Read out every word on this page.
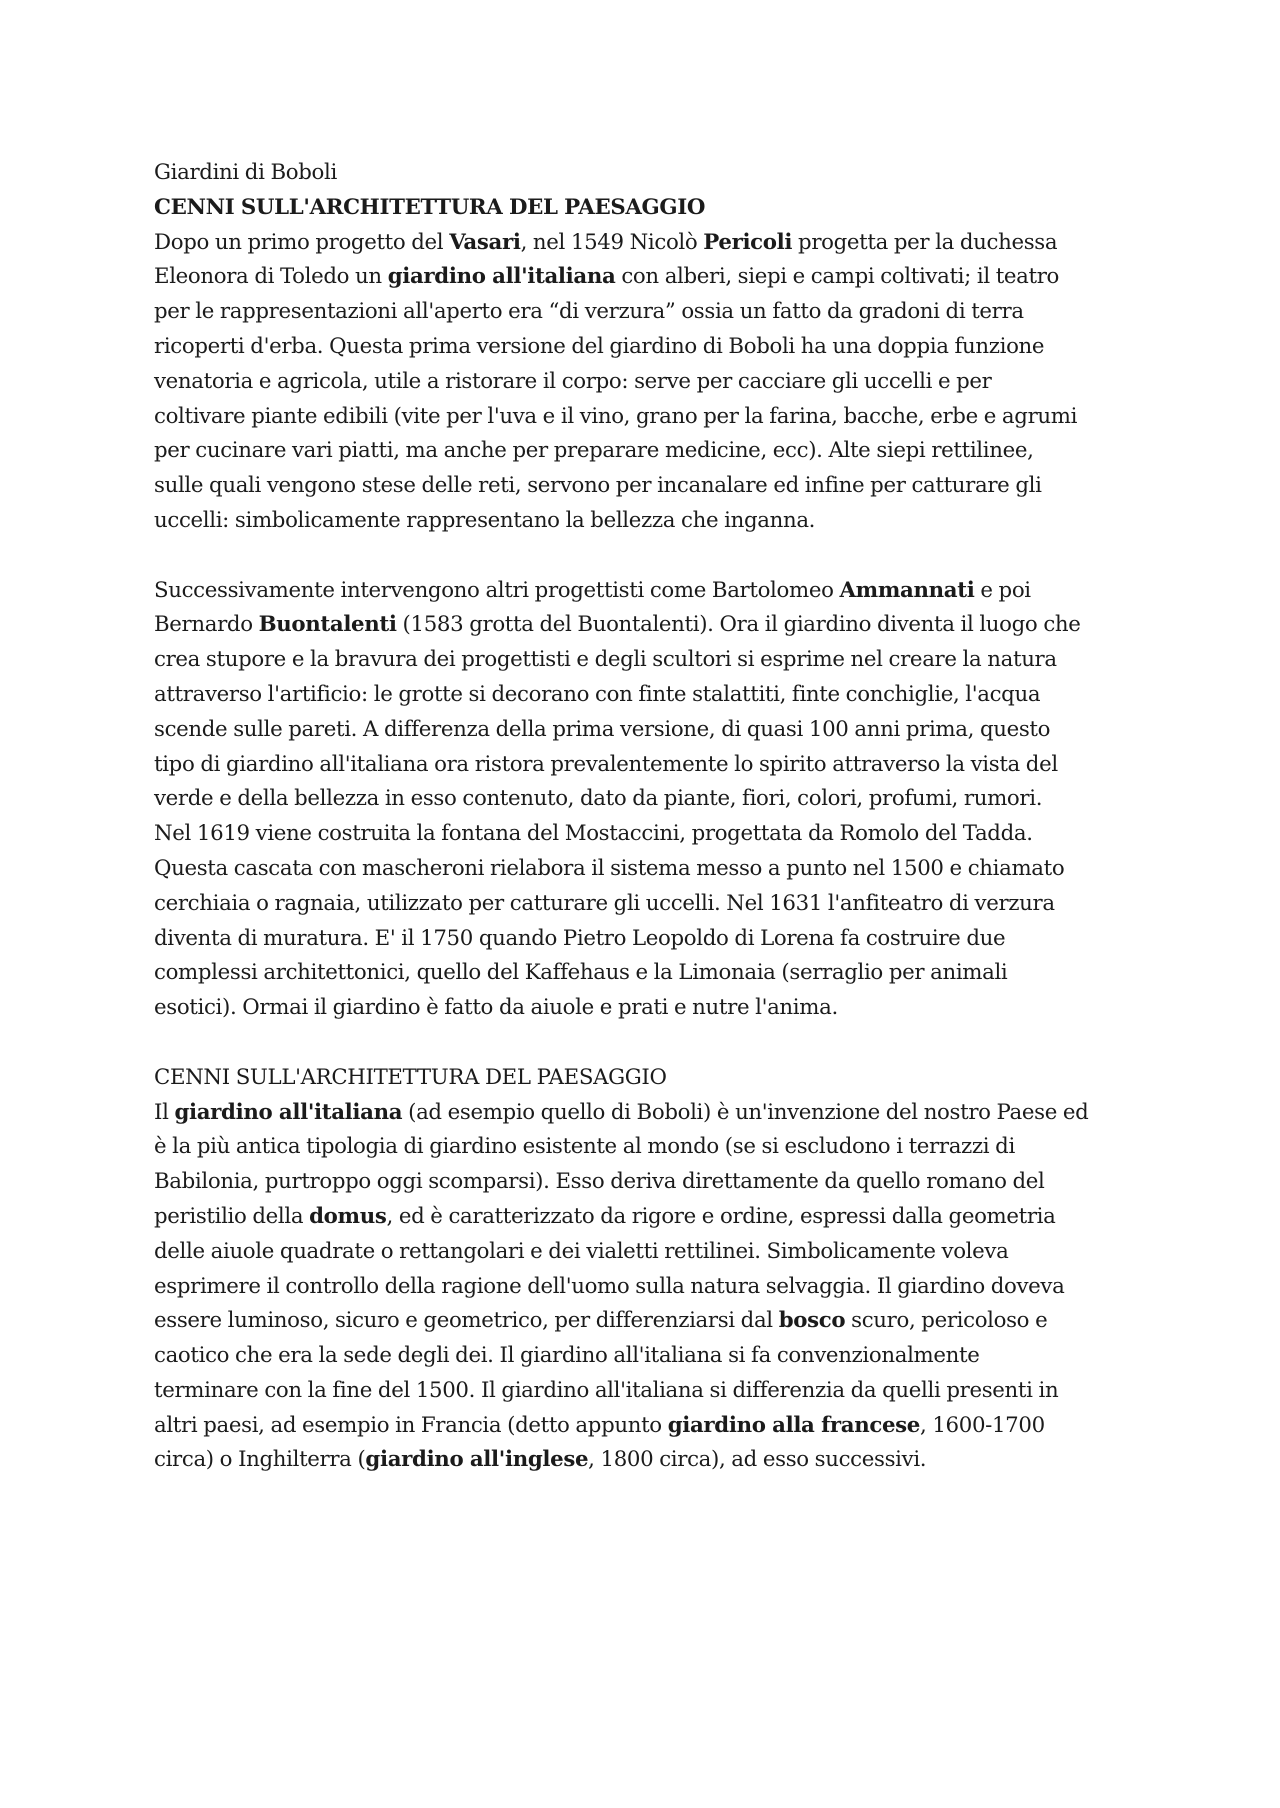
Giardini di Boboli
CENNI SULL'ARCHITETTURA DEL PAESAGGIO
Dopo un primo progetto del Vasari, nel 1549 Nicolò Pericoli progetta per la duchessa
Eleonora di Toledo un giardino all'italiana con alberi, siepi e campi coltivati; il teatro
per le rappresentazioni all'aperto era “di verzura” ossia un fatto da gradoni di terra
ricoperti d'erba. Questa prima versione del giardino di Boboli ha una doppia funzione
venatoria e agricola, utile a ristorare il corpo: serve per cacciare gli uccelli e per
coltivare piante edibili (vite per l'uva e il vino, grano per la farina, bacche, erbe e agrumi
per cucinare vari piatti, ma anche per preparare medicine, ecc). Alte siepi rettilinee,
sulle quali vengono stese delle reti, servono per incanalare ed infine per catturare gli
uccelli: simbolicamente rappresentano la bellezza che inganna.
Successivamente intervengono altri progettisti come Bartolomeo Ammannati e poi
Bernardo Buontalenti (1583 grotta del Buontalenti). Ora il giardino diventa il luogo che
crea stupore e la bravura dei progettisti e degli scultori si esprime nel creare la natura
attraverso l'artificio: le grotte si decorano con finte stalattiti, finte conchiglie, l'acqua
scende sulle pareti. A differenza della prima versione, di quasi 100 anni prima, questo
tipo di giardino all'italiana ora ristora prevalentemente lo spirito attraverso la vista del
verde e della bellezza in esso contenuto, dato da piante, fiori, colori, profumi, rumori.
Nel 1619 viene costruita la fontana del Mostaccini, progettata da Romolo del Tadda.
Questa cascata con mascheroni rielabora il sistema messo a punto nel 1500 e chiamato
cerchiaia o ragnaia, utilizzato per catturare gli uccelli. Nel 1631 l'anfiteatro di verzura
diventa di muratura. E' il 1750 quando Pietro Leopoldo di Lorena fa costruire due
complessi architettonici, quello del Kaffehaus e la Limonaia (serraglio per animali
esotici). Ormai il giardino è fatto da aiuole e prati e nutre l'anima.
CENNI SULL'ARCHITETTURA DEL PAESAGGIO
Il giardino all'italiana (ad esempio quello di Boboli) è un'invenzione del nostro Paese ed
è la più antica tipologia di giardino esistente al mondo (se si escludono i terrazzi di
Babilonia, purtroppo oggi scomparsi). Esso deriva direttamente da quello romano del
peristilio della domus, ed è caratterizzato da rigore e ordine, espressi dalla geometria
delle aiuole quadrate o rettangolari e dei vialetti rettilinei. Simbolicamente voleva
esprimere il controllo della ragione dell'uomo sulla natura selvaggia. Il giardino doveva
essere luminoso, sicuro e geometrico, per differenziarsi dal bosco scuro, pericoloso e
caotico che era la sede degli dei. Il giardino all'italiana si fa convenzionalmente
terminare con la fine del 1500. Il giardino all'italiana si differenzia da quelli presenti in
altri paesi, ad esempio in Francia (detto appunto giardino alla francese, 1600-1700
circa) o Inghilterra (giardino all'inglese, 1800 circa), ad esso successivi.
